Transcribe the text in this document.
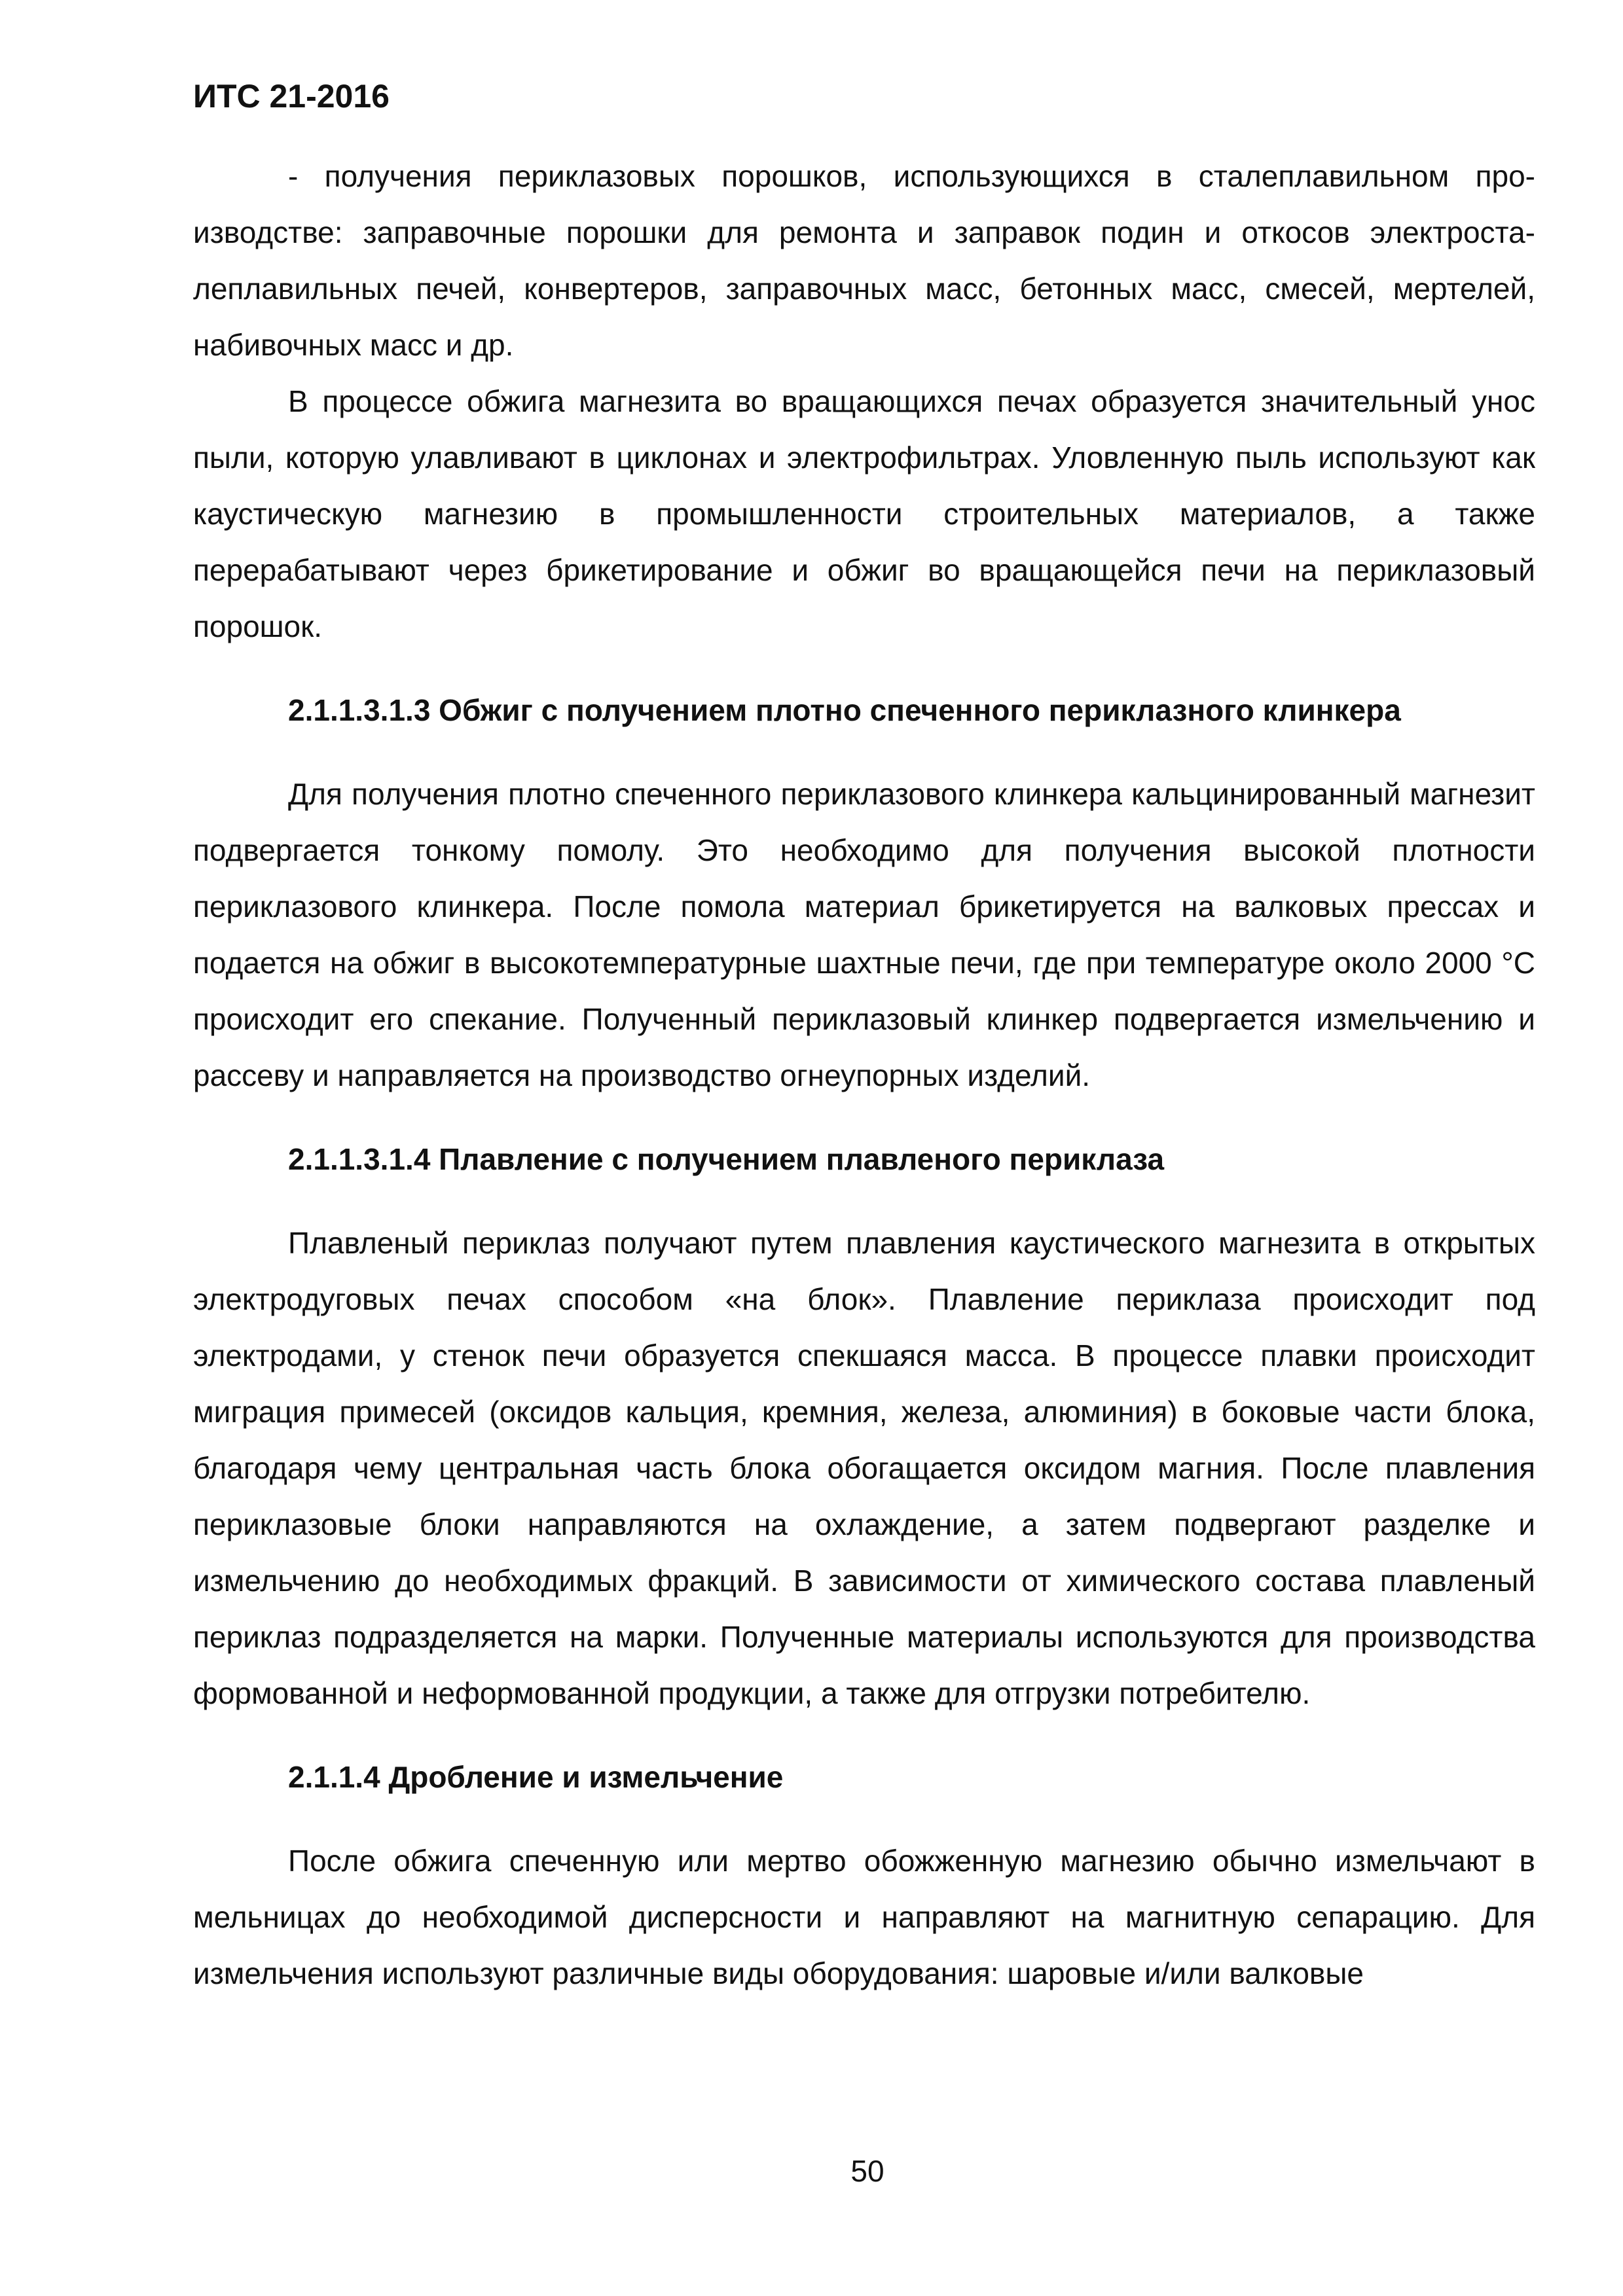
ИТС 21-2016

- получения периклазовых порошков, использующихся в сталеплавильном производстве: заправочные порошки для ремонта и заправок подин и откосов электросталеплавильных печей, конвертеров, заправочных масс, бетонных масс, смесей, мертелей, набивочных масс и др.

В процессе обжига магнезита во вращающихся печах образуется значительный унос пыли, которую улавливают в циклонах и электрофильтрах. Уловленную пыль используют как каустическую магнезию в промышленности строительных материалов, а также перерабатывают через брикетирование и обжиг во вращающейся печи на периклазовый порошок.

2.1.1.3.1.3 Обжиг с получением плотно спеченного периклазного клинкера

Для получения плотно спеченного периклазового клинкера кальцинированный магнезит подвергается тонкому помолу. Это необходимо для получения высокой плотности периклазового клинкера. После помола материал брикетируется на валковых прессах и подается на обжиг в высокотемпературные шахтные печи, где при температуре около 2000 °С происходит его спекание. Полученный периклазовый клинкер подвергается измельчению и рассеву и направляется на производство огнеупорных изделий.

2.1.1.3.1.4 Плавление с получением плавленого периклаза

Плавленый периклаз получают путем плавления каустического магнезита в открытых электродуговых печах способом «на блок». Плавление периклаза происходит под электродами, у стенок печи образуется спекшаяся масса. В процессе плавки происходит миграция примесей (оксидов кальция, кремния, железа, алюминия) в боковые части блока, благодаря чему центральная часть блока обогащается оксидом магния. После плавления периклазовые блоки направляются на охлаждение, а затем подвергают разделке и измельчению до необходимых фракций. В зависимости от химического состава плавленый периклаз подразделяется на марки. Полученные материалы используются для производства формованной и неформованной продукции, а также для отгрузки потребителю.

2.1.1.4 Дробление и измельчение

После обжига спеченную или мертво обожженную магнезию обычно измельчают в мельницах до необходимой дисперсности и направляют на магнитную сепарацию. Для измельчения используют различные виды оборудования: шаровые и/или валковые

50
